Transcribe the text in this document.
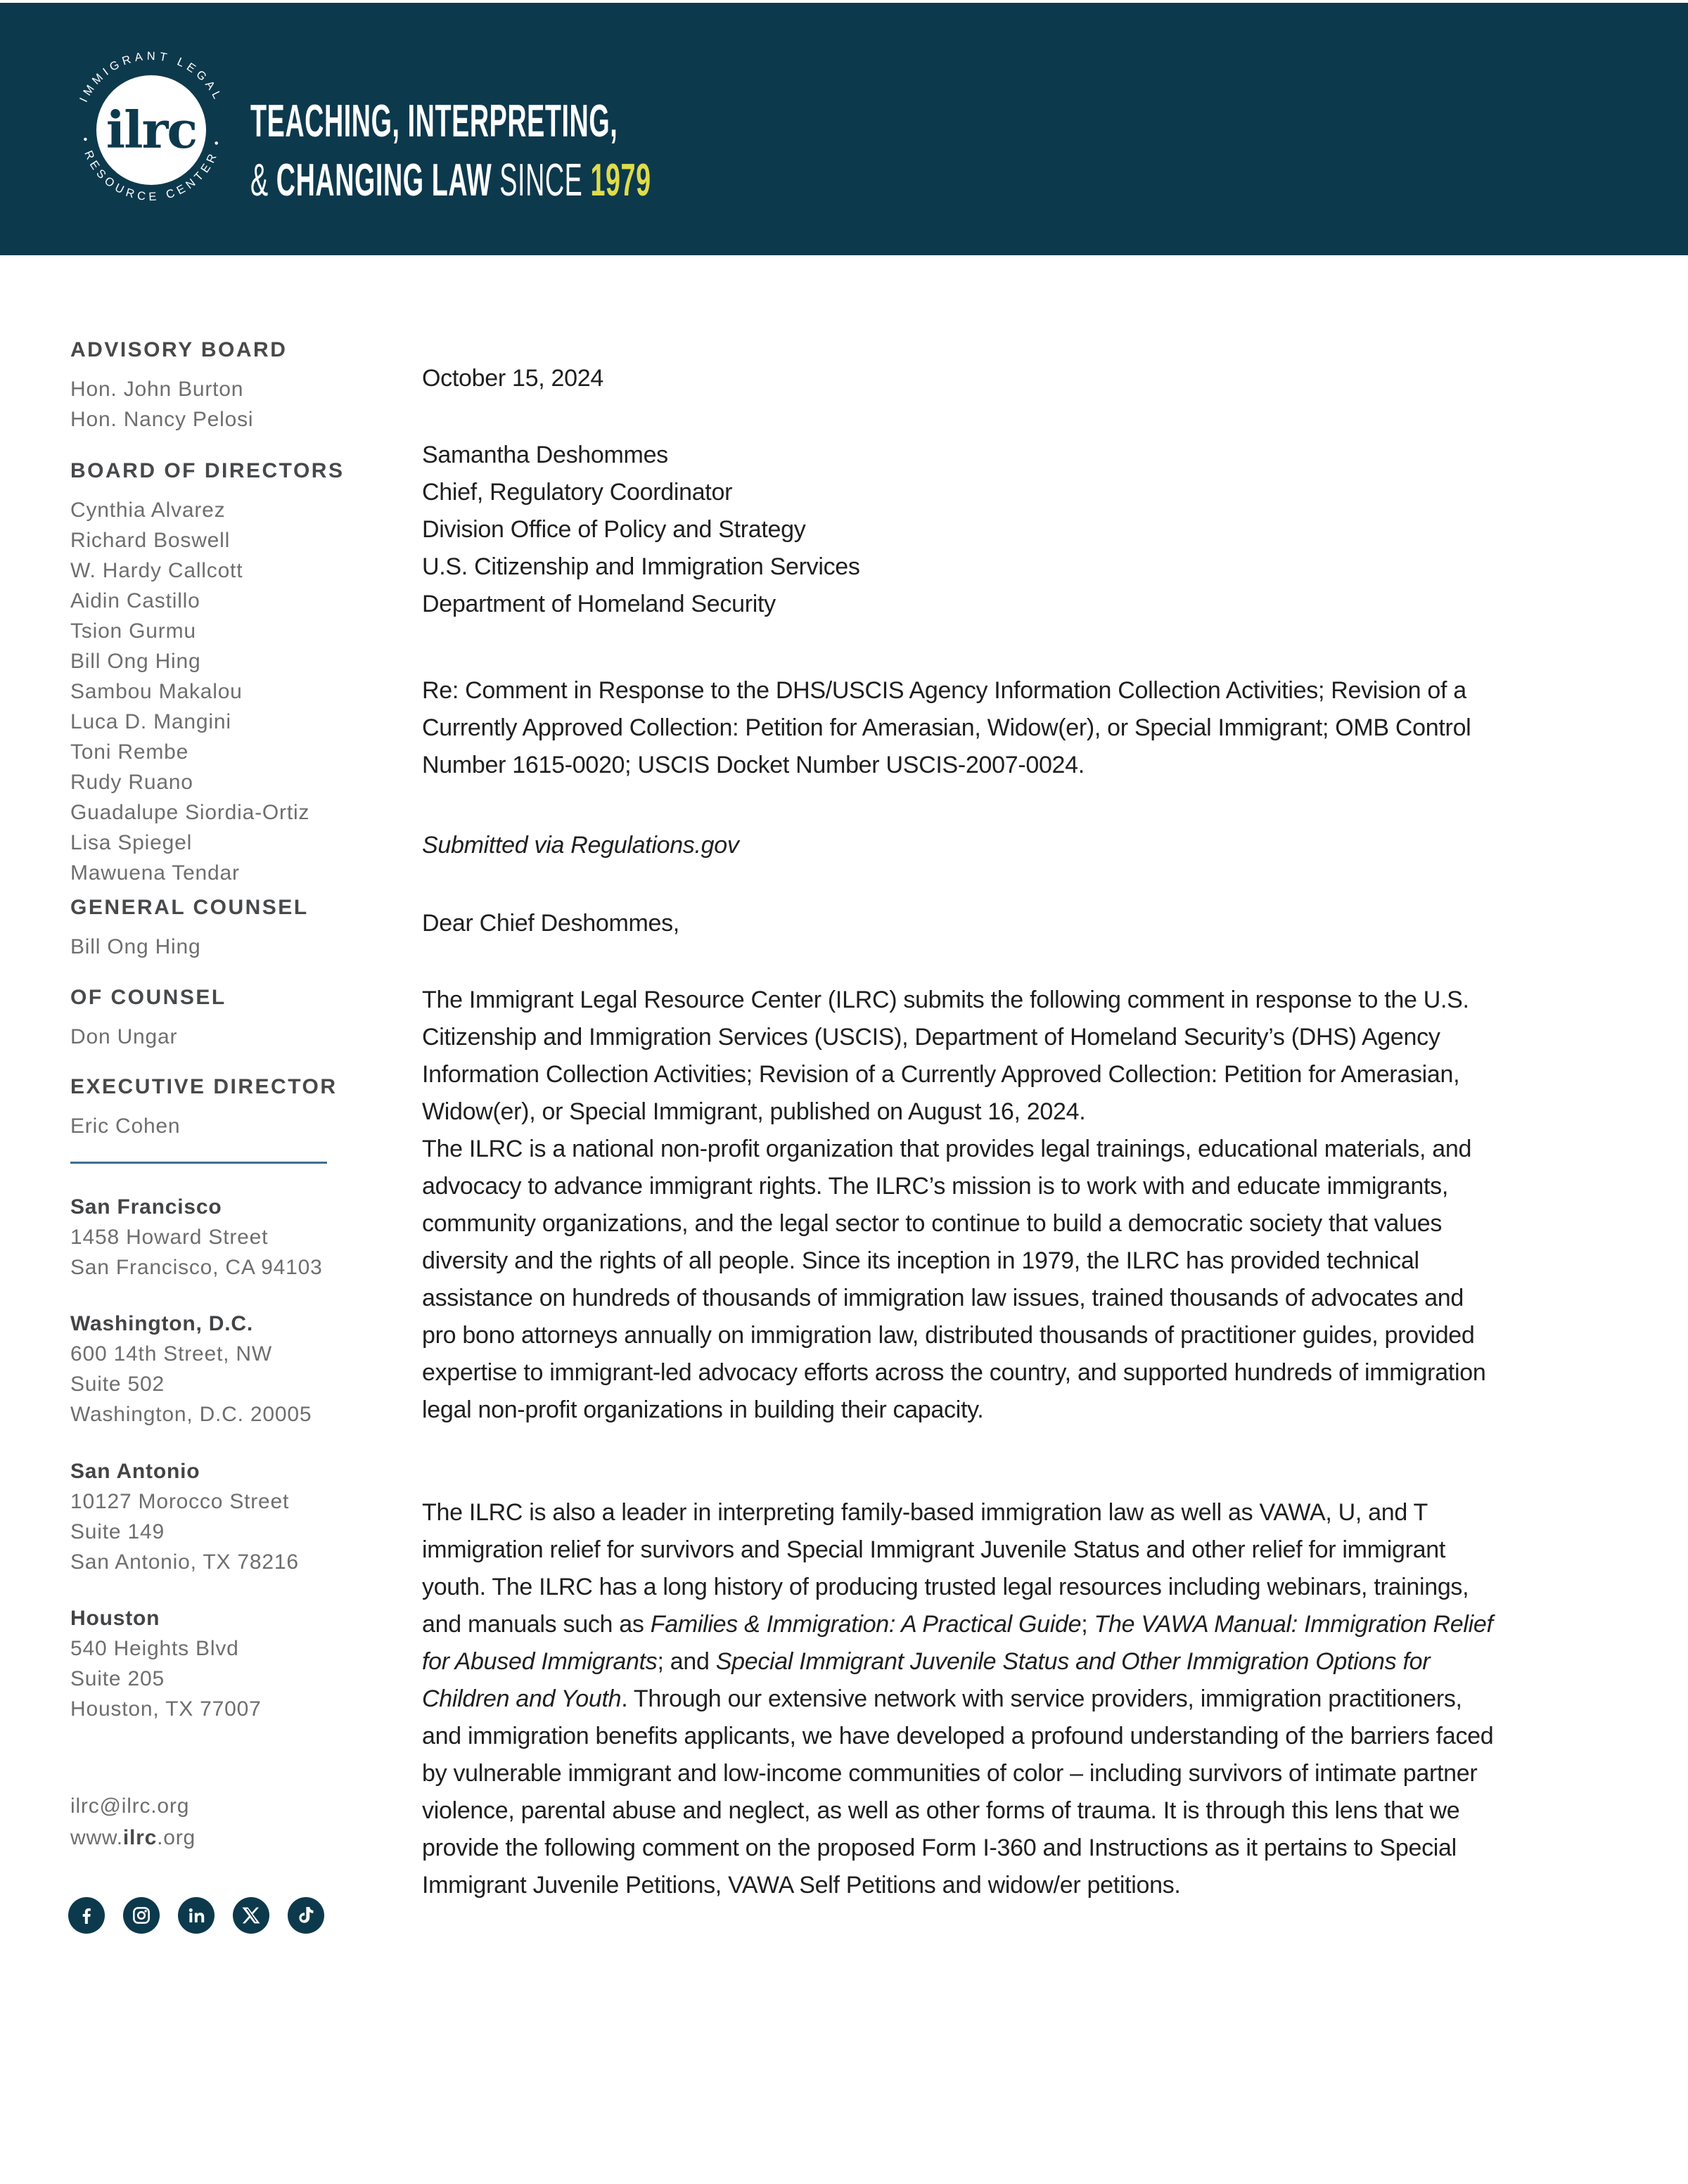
IMMIGRANT LEGAL
• RESOURCE CENTER •
ilrc TEACHING, INTERPRETING,
& CHANGING LAW SINCE 1979
ADVISORY BOARD
Hon. John Burton
Hon. Nancy Pelosi
BOARD OF DIRECTORS
Cynthia Alvarez
Richard Boswell
W. Hardy Callcott
Aidin Castillo
Tsion Gurmu
Bill Ong Hing
Sambou Makalou
Luca D. Mangini
Toni Rembe
Rudy Ruano
Guadalupe Siordia-Ortiz
Lisa Spiegel
Mawuena Tendar
GENERAL COUNSEL
Bill Ong Hing
OF COUNSEL
Don Ungar
EXECUTIVE DIRECTOR
Eric Cohen
San Francisco
1458 Howard Street
San Francisco, CA 94103
Washington, D.C.
600 14th Street, NW
Suite 502
Washington, D.C. 20005
San Antonio
10127 Morocco Street
Suite 149
San Antonio, TX 78216
Houston
540 Heights Blvd
Suite 205
Houston, TX 77007
ilrc@ilrc.org
www.ilrc.org

October 15, 2024

Samantha Deshommes

Chief, Regulatory Coordinator

Division Office of Policy and Strategy

U.S. Citizenship and Immigration Services

Department of Homeland Security

Re: Comment in Response to the DHS/USCIS Agency Information Collection Activities; Revision of a Currently Approved Collection: Petition for Amerasian, Widow(er), or Special Immigrant; OMB Control Number 1615-0020; USCIS Docket Number USCIS-2007-0024.

Submitted via Regulations.gov

Dear Chief Deshommes,

The Immigrant Legal Resource Center (ILRC) submits the following comment in response to the U.S. Citizenship and Immigration Services (USCIS), Department of Homeland Security’s (DHS) Agency Information Collection Activities; Revision of a Currently Approved Collection: Petition for Amerasian, Widow(er), or Special Immigrant, published on August 16, 2024.

The ILRC is a national non-profit organization that provides legal trainings, educational materials, and advocacy to advance immigrant rights. The ILRC’s mission is to work with and educate immigrants, community organizations, and the legal sector to continue to build a democratic society that values diversity and the rights of all people. Since its inception in 1979, the ILRC has provided technical assistance on hundreds of thousands of immigration law issues, trained thousands of advocates and pro bono attorneys annually on immigration law, distributed thousands of practitioner guides, provided expertise to immigrant-led advocacy efforts across the country, and supported hundreds of immigration legal non-profit organizations in building their capacity.

The ILRC is also a leader in interpreting family-based immigration law as well as VAWA, U, and T immigration relief for survivors and Special Immigrant Juvenile Status and other relief for immigrant youth. The ILRC has a long history of producing trusted legal resources including webinars, trainings, and manuals such as Families & Immigration: A Practical Guide; The VAWA Manual: Immigration Relief for Abused Immigrants; and Special Immigrant Juvenile Status and Other Immigration Options for Children and Youth. Through our extensive network with service providers, immigration practitioners, and immigration benefits applicants, we have developed a profound understanding of the barriers faced by vulnerable immigrant and low-income communities of color – including survivors of intimate partner violence, parental abuse and neglect, as well as other forms of trauma. It is through this lens that we provide the following comment on the proposed Form I-360 and Instructions as it pertains to Special Immigrant Juvenile Petitions, VAWA Self Petitions and widow/er petitions.
